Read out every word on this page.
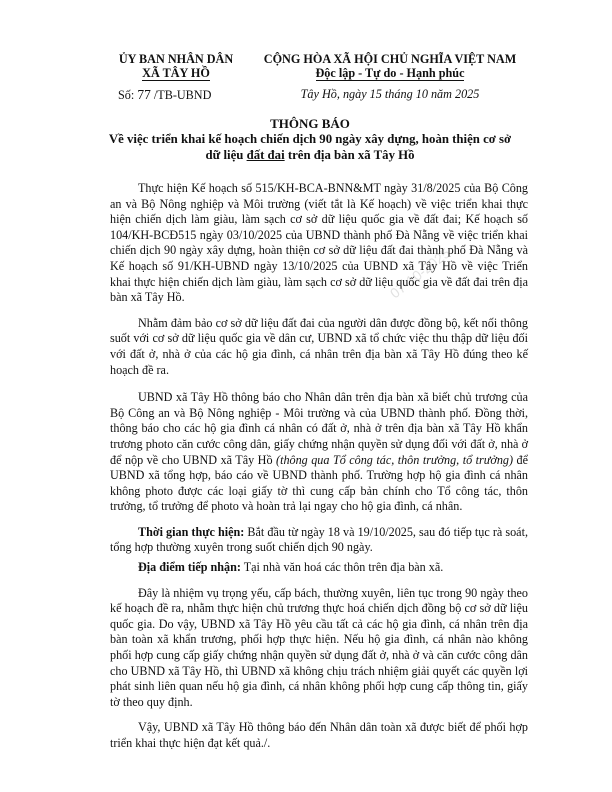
ỦY BAN NHÂN DÂN
XÃ TÂY HỒ
CỘNG HÒA XÃ HỘI CHỦ NGHĨA VIỆT NAM
Độc lập - Tự do - Hạnh phúc
Số: 77 /TB-UBND	Tây Hồ, ngày 15 tháng 10 năm 2025
THÔNG BÁO
Về việc triển khai kế hoạch chiến dịch 90 ngày xây dựng, hoàn thiện cơ sở dữ liệu đất đai trên địa bàn xã Tây Hồ
07-10-2025

Thực hiện Kế hoạch số 515/KH-BCA-BNN&MT ngày 31/8/2025 của Bộ Công an và Bộ Nông nghiệp và Môi trường (viết tắt là Kế hoạch) về việc triển khai thực hiện chiến dịch làm giàu, làm sạch cơ sở dữ liệu quốc gia về đất đai; Kế hoạch số 104/KH-BCĐ515 ngày 03/10/2025 của UBND thành phố Đà Nẵng về việc triển khai chiến dịch 90 ngày xây dựng, hoàn thiện cơ sở dữ liệu đất đai thành phố Đà Nẵng và Kế hoạch số 91/KH-UBND ngày 13/10/2025 của UBND xã Tây Hồ về việc Triển khai thực hiện chiến dịch làm giàu, làm sạch cơ sở dữ liệu quốc gia về đất đai trên địa bàn xã Tây Hồ.

Nhằm đảm bảo cơ sở dữ liệu đất đai của người dân được đồng bộ, kết nối thông suốt với cơ sở dữ liệu quốc gia về dân cư, UBND xã tổ chức việc thu thập dữ liệu đối với đất ở, nhà ở của các hộ gia đình, cá nhân trên địa bàn xã Tây Hồ đúng theo kế hoạch đề ra.

UBND xã Tây Hồ thông báo cho Nhân dân trên địa bàn xã biết chủ trương của Bộ Công an và Bộ Nông nghiệp - Môi trường và của UBND thành phố. Đồng thời, thông báo cho các hộ gia đình cá nhân có đất ở, nhà ở trên địa bàn xã Tây Hồ khẩn trương photo căn cước công dân, giấy chứng nhận quyền sử dụng đối với đất ở, nhà ở để nộp về cho UBND xã Tây Hồ (thông qua Tổ công tác, thôn trưởng, tổ trưởng) để UBND xã tổng hợp, báo cáo về UBND thành phố. Trường hợp hộ gia đình cá nhân không photo được các loại giấy tờ thì cung cấp bản chính cho Tổ công tác, thôn trưởng, tổ trưởng để photo và hoàn trả lại ngay cho hộ gia đình, cá nhân.

Thời gian thực hiện: Bắt đầu từ ngày 18 và 19/10/2025, sau đó tiếp tục rà soát, tổng hợp thường xuyên trong suốt chiến dịch 90 ngày.

Địa điểm tiếp nhận: Tại nhà văn hoá các thôn trên địa bàn xã.

Đây là nhiệm vụ trọng yếu, cấp bách, thường xuyên, liên tục trong 90 ngày theo kế hoạch đề ra, nhằm thực hiện chủ trương thực hoá chiến dịch đồng bộ cơ sở dữ liệu quốc gia. Do vậy, UBND xã Tây Hồ yêu cầu tất cả các hộ gia đình, cá nhân trên địa bàn toàn xã khẩn trương, phối hợp thực hiện. Nếu hộ gia đình, cá nhân nào không phối hợp cung cấp giấy chứng nhận quyền sử dụng đất ở, nhà ở và căn cước công dân cho UBND xã Tây Hồ, thì UBND xã không chịu trách nhiệm giải quyết các quyền lợi phát sinh liên quan nếu hộ gia đình, cá nhân không phối hợp cung cấp thông tin, giấy tờ theo quy định.

Vậy, UBND xã Tây Hồ thông báo đến Nhân dân toàn xã được biết để phối hợp triển khai thực hiện đạt kết quả./.
